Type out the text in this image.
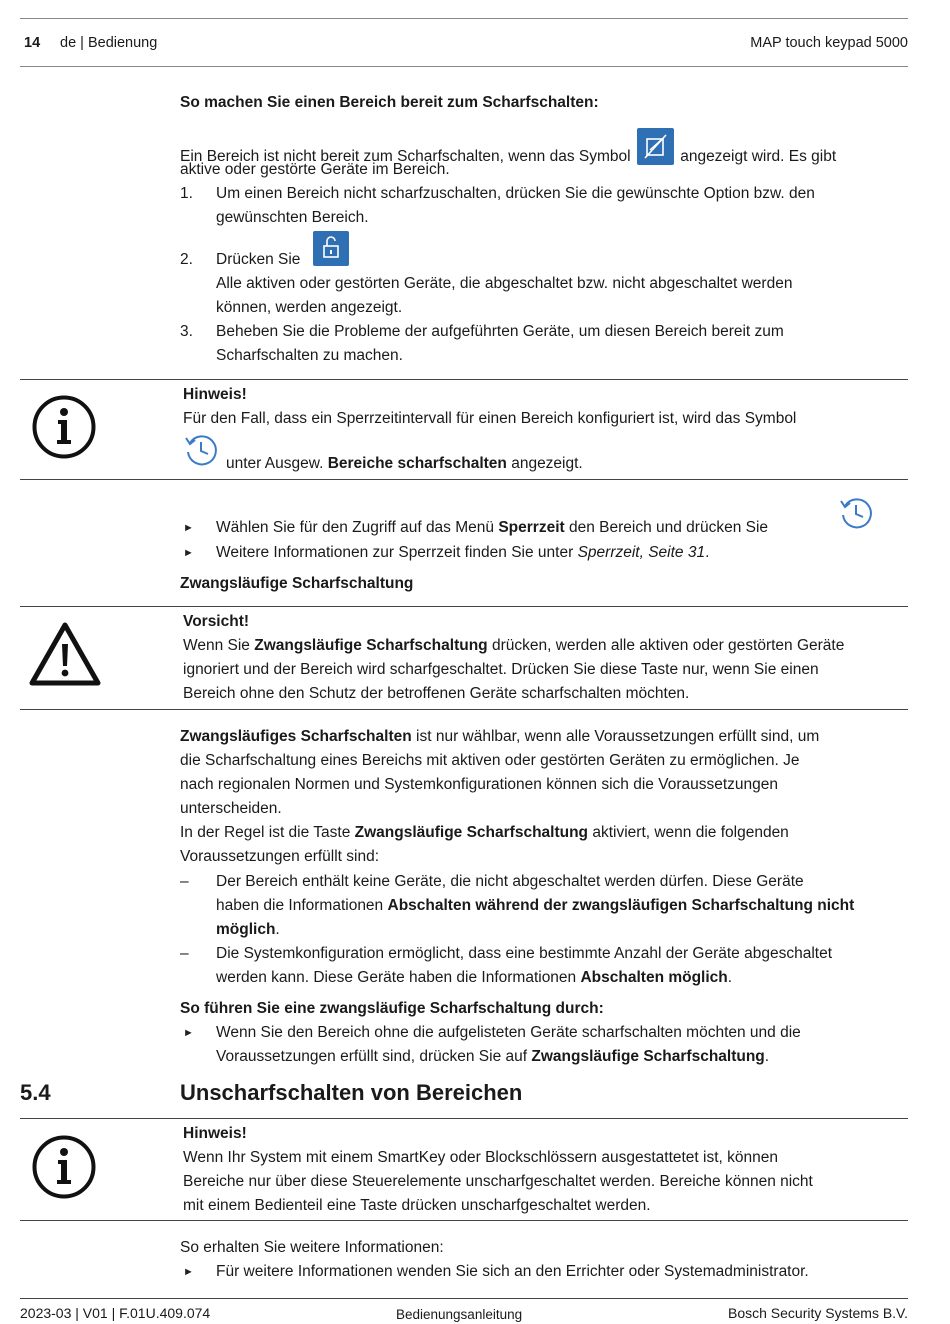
14 de | Bedienung	MAP touch keypad 5000
So machen Sie einen Bereich bereit zum Scharfschalten:
Ein Bereich ist nicht bereit zum Scharfschalten, wenn das Symbol	angezeigt wird. Es gibt
aktive oder gestörte Geräte im Bereich.
1. Um einen Bereich nicht scharfzuschalten, drücken Sie die gewünschte Option bzw. den
gewünschten Bereich.
2. Drücken Sie
Alle aktiven oder gestörten Geräte, die abgeschaltet bzw. nicht abgeschaltet werden
können, werden angezeigt.
3. Beheben Sie die Probleme der aufgeführten Geräte, um diesen Bereich bereit zum
Scharfschalten zu machen.
Hinweis!
Für den Fall, dass ein Sperrzeitintervall für einen Bereich konfiguriert ist, wird das Symbol
unter Ausgew. Bereiche scharfschalten angezeigt.
► Wählen Sie für den Zugriff auf das Menü Sperrzeit den Bereich und drücken Sie
► Weitere Informationen zur Sperrzeit finden Sie unter Sperrzeit, Seite 31.
Zwangsläufige Scharfschaltung
Vorsicht!
Wenn Sie Zwangsläufige Scharfschaltung drücken, werden alle aktiven oder gestörten Geräte
ignoriert und der Bereich wird scharfgeschaltet. Drücken Sie diese Taste nur, wenn Sie einen
Bereich ohne den Schutz der betroffenen Geräte scharfschalten möchten.
Zwangsläufiges Scharfschalten ist nur wählbar, wenn alle Voraussetzungen erfüllt sind, um
die Scharfschaltung eines Bereichs mit aktiven oder gestörten Geräten zu ermöglichen. Je
nach regionalen Normen und Systemkonfigurationen können sich die Voraussetzungen
unterscheiden.
In der Regel ist die Taste Zwangsläufige Scharfschaltung aktiviert, wenn die folgenden
Voraussetzungen erfüllt sind:
– Der Bereich enthält keine Geräte, die nicht abgeschaltet werden dürfen. Diese Geräte
haben die Informationen Abschalten während der zwangsläufigen Scharfschaltung nicht
möglich.
– Die Systemkonfiguration ermöglicht, dass eine bestimmte Anzahl der Geräte abgeschaltet
werden kann. Diese Geräte haben die Informationen Abschalten möglich.
So führen Sie eine zwangsläufige Scharfschaltung durch:
► Wenn Sie den Bereich ohne die aufgelisteten Geräte scharfschalten möchten und die
Voraussetzungen erfüllt sind, drücken Sie auf Zwangsläufige Scharfschaltung.
5.4	Unscharfschalten von Bereichen
Hinweis!
Wenn Ihr System mit einem SmartKey oder Blockschlössern ausgestattetet ist, können
Bereiche nur über diese Steuerelemente unscharfgeschaltet werden. Bereiche können nicht
mit einem Bedienteil eine Taste drücken unscharfgeschaltet werden.
So erhalten Sie weitere Informationen:
► Für weitere Informationen wenden Sie sich an den Errichter oder Systemadministrator.
2023-03 | V01 | F.01U.409.074	Bedienungsanleitung	Bosch Security Systems B.V.
